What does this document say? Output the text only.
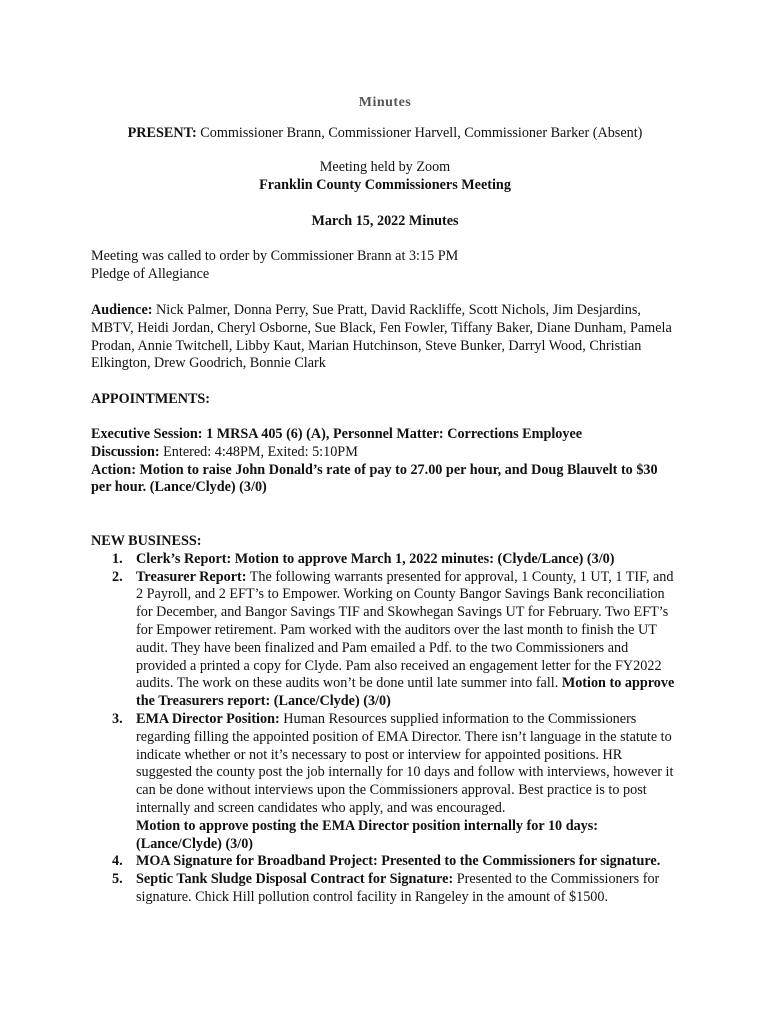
Minutes
PRESENT: Commissioner Brann, Commissioner Harvell, Commissioner Barker (Absent)
Meeting held by Zoom
Franklin County Commissioners Meeting
March 15, 2022 Minutes

Meeting was called to order by Commissioner Brann at 3:15 PM

Pledge of Allegiance

Audience: Nick Palmer, Donna Perry, Sue Pratt, David Rackliffe, Scott Nichols, Jim Desjardins, MBTV, Heidi Jordan, Cheryl Osborne, Sue Black, Fen Fowler, Tiffany Baker, Diane Dunham, Pamela Prodan, Annie Twitchell, Libby Kaut, Marian Hutchinson, Steve Bunker, Darryl Wood, Christian Elkington, Drew Goodrich, Bonnie Clark

APPOINTMENTS:

Executive Session: 1 MRSA 405 (6) (A), Personnel Matter: Corrections Employee

Discussion: Entered: 4:48PM, Exited: 5:10PM

Action: Motion to raise John Donald’s rate of pay to 27.00 per hour, and Doug Blauvelt to $30 per hour. (Lance/Clyde) (3/0)

NEW BUSINESS:

1. Clerk’s Report: Motion to approve March 1, 2022 minutes: (Clyde/Lance) (3/0)
2. Treasurer Report: The following warrants presented for approval, 1 County, 1 UT, 1 TIF, and 2 Payroll, and 2 EFT’s to Empower. Working on County Bangor Savings Bank reconciliation for December, and Bangor Savings TIF and Skowhegan Savings UT for February. Two EFT’s for Empower retirement. Pam worked with the auditors over the last month to finish the UT audit. They have been finalized and Pam emailed a Pdf. to the two Commissioners and provided a printed a copy for Clyde. Pam also received an engagement letter for the FY2022 audits. The work on these audits won’t be done until late summer into fall. Motion to approve the Treasurers report: (Lance/Clyde) (3/0)
3. EMA Director Position: Human Resources supplied information to the Commissioners regarding filling the appointed position of EMA Director. There isn’t language in the statute to indicate whether or not it’s necessary to post or interview for appointed positions. HR suggested the county post the job internally for 10 days and follow with interviews, however it can be done without interviews upon the Commissioners approval. Best practice is to post internally and screen candidates who apply, and was encouraged.
Motion to approve posting the EMA Director position internally for 10 days: (Lance/Clyde) (3/0)
4. MOA Signature for Broadband Project: Presented to the Commissioners for signature.
5. Septic Tank Sludge Disposal Contract for Signature: Presented to the Commissioners for signature. Chick Hill pollution control facility in Rangeley in the amount of $1500.
